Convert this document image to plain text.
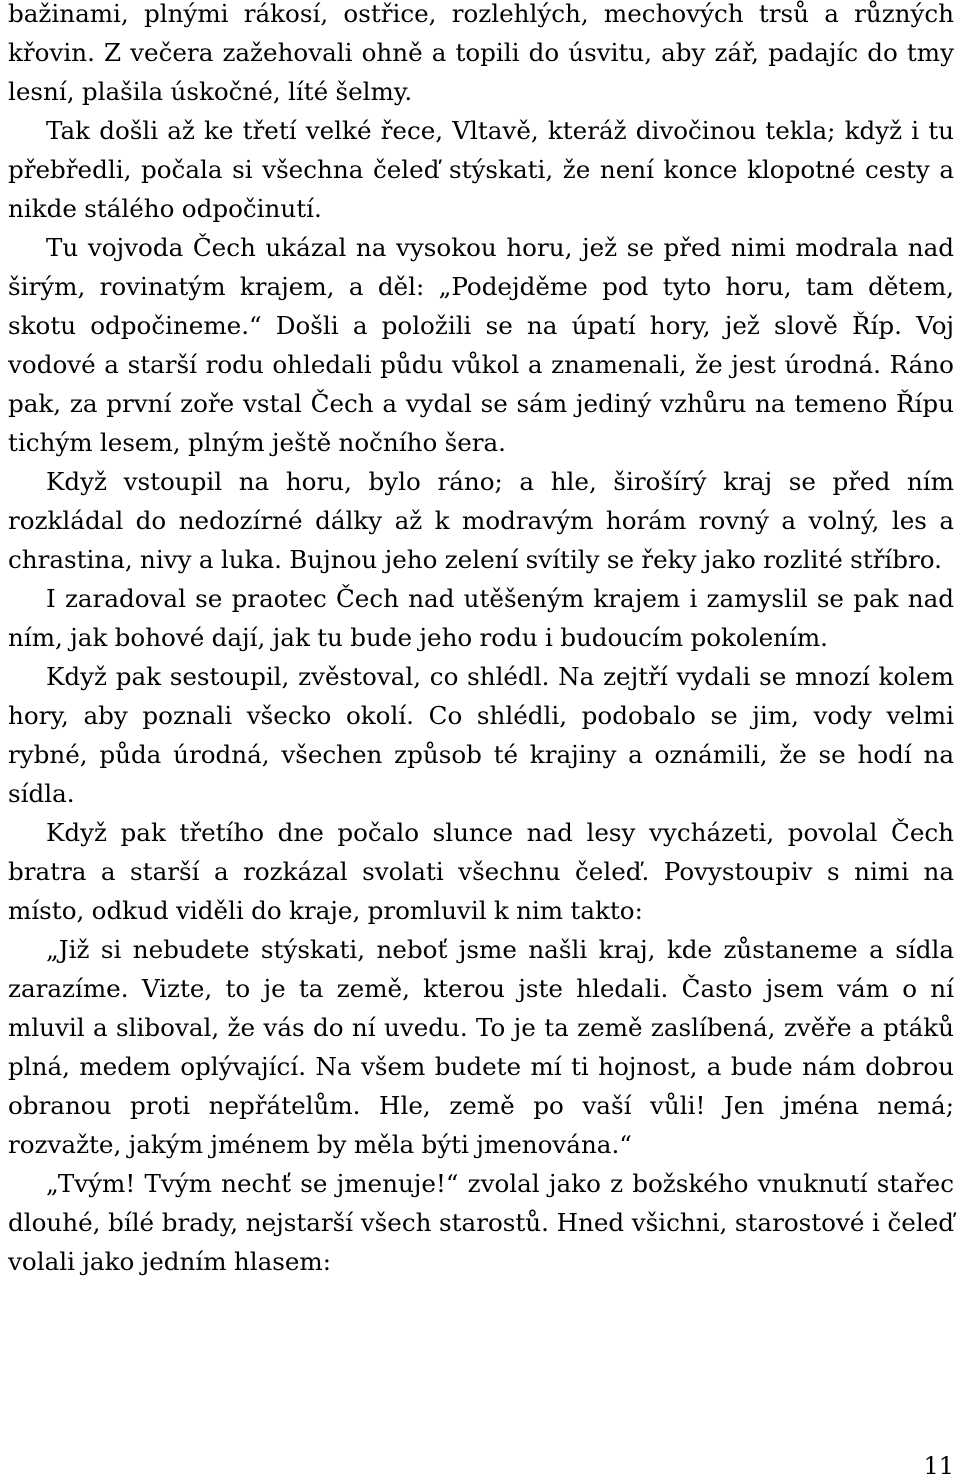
bažinami, plnými rákosí, ostřice, rozlehlých, mechových trsů a různých křovin. Z večera zažehovali ohně a topili do úsvitu, aby zář, padajíc do tmy lesní, plašila úskočné, líté šelmy.

Tak došli až ke třetí velké řece, Vltavě, kteráž divočinou tekla; když i tu přebředli, počala si všechna čeleď stýskati, že není konce klopotné cesty a nikde stálého odpočinutí.

Tu vojvoda Čech ukázal na vysokou horu, jež se před nimi modrala nad širým, rovinatým krajem, a děl: „Podejděme pod tyto horu, tam dětem, skotu odpočineme.“ Došli a položili se na úpatí hory, jež slově Říp. Voj vodové a starší rodu ohledali půdu vůkol a znamenali, že jest úrodná. Ráno pak, za první zoře vstal Čech a vydal se sám jediný vzhůru na temeno Řípu tichým lesem, plným ještě nočního šera.

Když vstoupil na horu, bylo ráno; a hle, širošírý kraj se před ním rozkládal do nedozírné dálky až k modravým horám rovný a volný, les a chrastina, nivy a luka. Bujnou jeho zelení svítily se řeky jako rozlité stříbro.

I zaradoval se praotec Čech nad utěšeným krajem i zamyslil se pak nad ním, jak bohové dají, jak tu bude jeho rodu i budoucím pokolením.

Když pak sestoupil, zvěstoval, co shlédl. Na zejtří vydali se mnozí kolem hory, aby poznali všecko okolí. Co shlédli, podobalo se jim, vody velmi rybné, půda úrodná, všechen způsob té krajiny a oznámili, že se hodí na sídla.

Když pak třetího dne počalo slunce nad lesy vycházeti, povolal Čech bratra a starší a rozkázal svolati všechnu čeleď. Povystoupiv s nimi na místo, odkud viděli do kraje, promluvil k nim takto:

„Již si nebudete stýskati, neboť jsme našli kraj, kde zůstaneme a sídla zarazíme. Vizte, to je ta země, kterou jste hledali. Často jsem vám o ní mluvil a sliboval, že vás do ní uvedu. To je ta země zaslíbená, zvěře a ptáků plná, medem oplývající. Na všem budete mí ti hojnost, a bude nám dobrou obranou proti nepřátelům. Hle, země po vaší vůli! Jen jména nemá; rozvažte, jakým jménem by měla býti jmenována.“

„Tvým! Tvým nechť se jmenuje!“ zvolal jako z božského vnuknutí stařec dlouhé, bílé brady, nejstarší všech starostů. Hned všichni, starostové i čeleď volali jako jedním hlasem:

11
